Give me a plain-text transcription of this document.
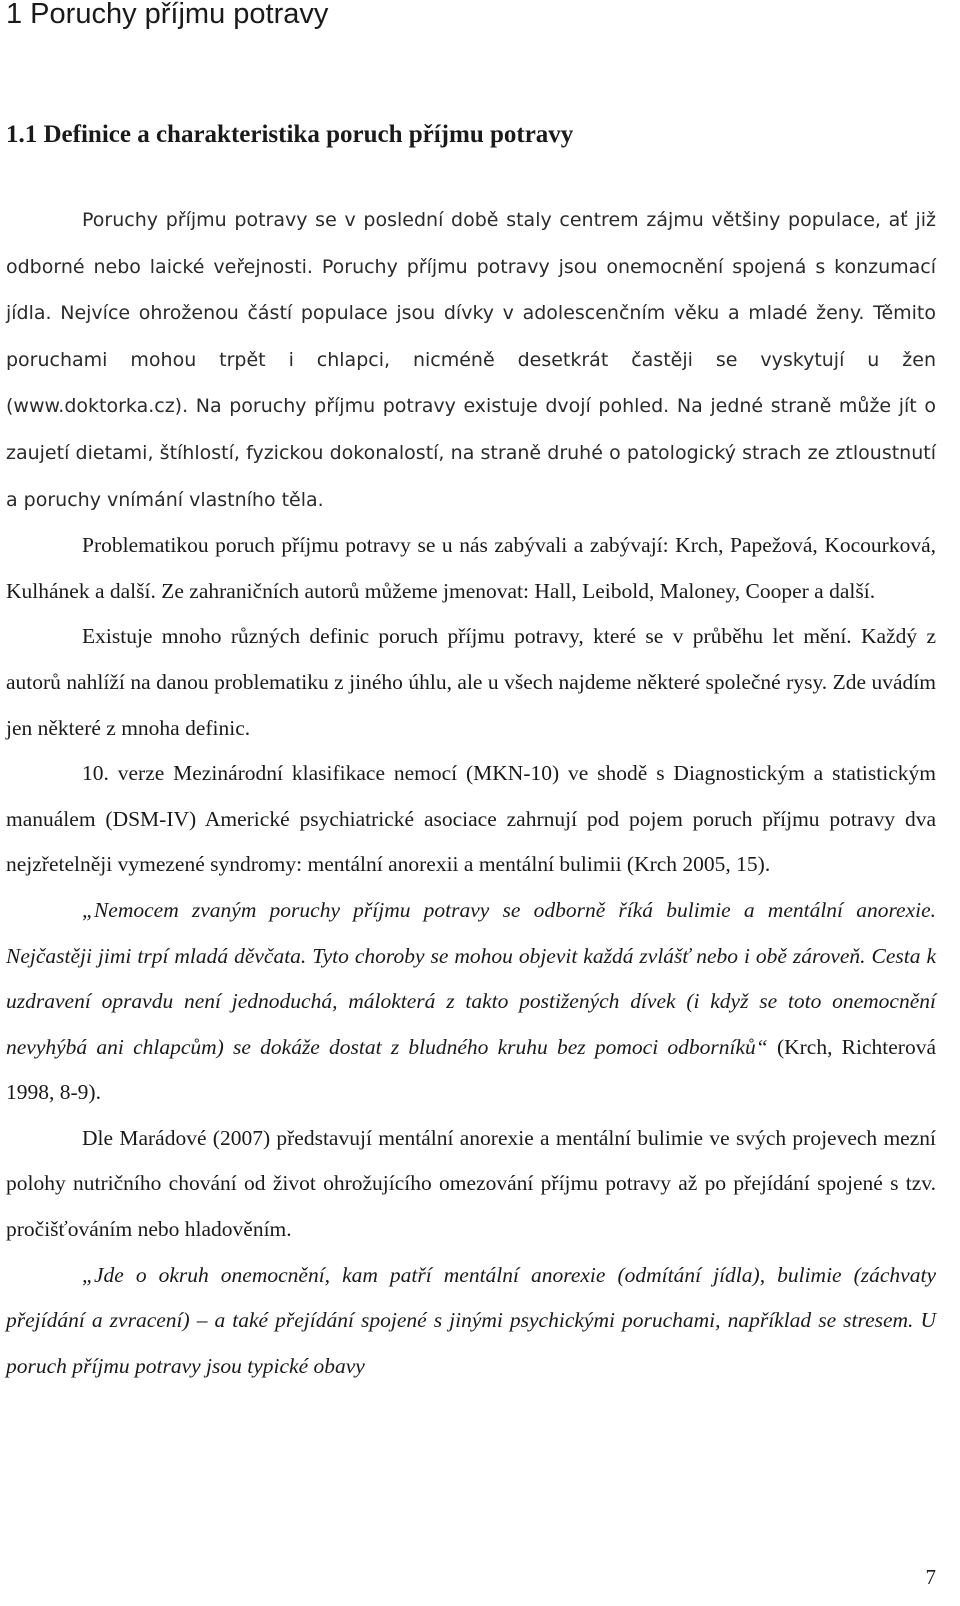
1 Poruchy příjmu potravy
1.1 Definice a charakteristika poruch příjmu potravy

Poruchy příjmu potravy se v poslední době staly centrem zájmu většiny populace, ať již odborné nebo laické veřejnosti. Poruchy příjmu potravy jsou onemocnění spojená s konzumací jídla. Nejvíce ohroženou částí populace jsou dívky v adolescenčním věku a mladé ženy. Těmito poruchami mohou trpět i chlapci, nicméně desetkrát častěji se vyskytují u žen (www.doktorka.cz). Na poruchy příjmu potravy existuje dvojí pohled. Na jedné straně může jít o zaujetí dietami, štíhlostí, fyzickou dokonalostí, na straně druhé o patologický strach ze ztloustnutí a poruchy vnímání vlastního těla.

Problematikou poruch příjmu potravy se u nás zabývali a zabývají: Krch, Papežová, Kocourková, Kulhánek a další. Ze zahraničních autorů můžeme jmenovat: Hall, Leibold, Maloney, Cooper a další.

Existuje mnoho různých definic poruch příjmu potravy, které se v průběhu let mění. Každý z autorů nahlíží na danou problematiku z jiného úhlu, ale u všech najdeme některé společné rysy. Zde uvádím jen některé z mnoha definic.

10. verze Mezinárodní klasifikace nemocí (MKN-10) ve shodě s Diagnostickým a statistickým manuálem (DSM-IV) Americké psychiatrické asociace zahrnují pod pojem poruch příjmu potravy dva nejzřetelněji vymezené syndromy: mentální anorexii a mentální bulimii (Krch 2005, 15).

„Nemocem zvaným poruchy příjmu potravy se odborně říká bulimie a mentální anorexie. Nejčastěji jimi trpí mladá děvčata. Tyto choroby se mohou objevit každá zvlášť nebo i obě zároveň. Cesta k uzdravení opravdu není jednoduchá, málokterá z takto postižených dívek (i když se toto onemocnění nevyhýbá ani chlapcům) se dokáže dostat z bludného kruhu bez pomoci odborníků“ (Krch, Richterová 1998, 8-9).

Dle Marádové (2007) představují mentální anorexie a mentální bulimie ve svých projevech mezní polohy nutričního chování od život ohrožujícího omezování příjmu potravy až po přejídání spojené s tzv. pročišťováním nebo hladověním.

„Jde o okruh onemocnění, kam patří mentální anorexie (odmítání jídla), bulimie (záchvaty přejídání a zvracení) – a také přejídání spojené s jinými psychickými poruchami, například se stresem. U poruch příjmu potravy jsou typické obavy

7
